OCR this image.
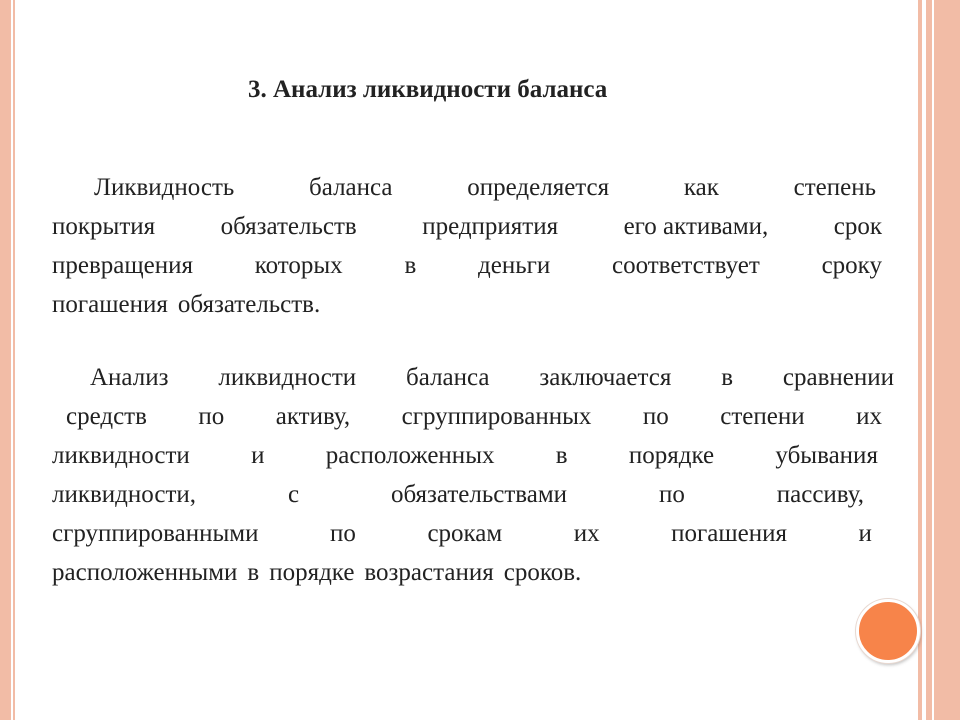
3. Анализ ликвидности баланса
Ликвидность	баланса	определяется	как	степень
покрытия	обязательств	предприятия	его активами,	срок
превращения которых в деньги соответствует сроку
погашения обязательств.
Анализ ликвидности баланса заключается в сравнении
средств по активу, сгруппированных по степени их
ликвидности и расположенных в порядке убывания
ликвидности,	с	обязательствами	по	пассиву,
сгруппированными	по	срокам	их	погашения	и
расположенными в порядке возрастания сроков.
